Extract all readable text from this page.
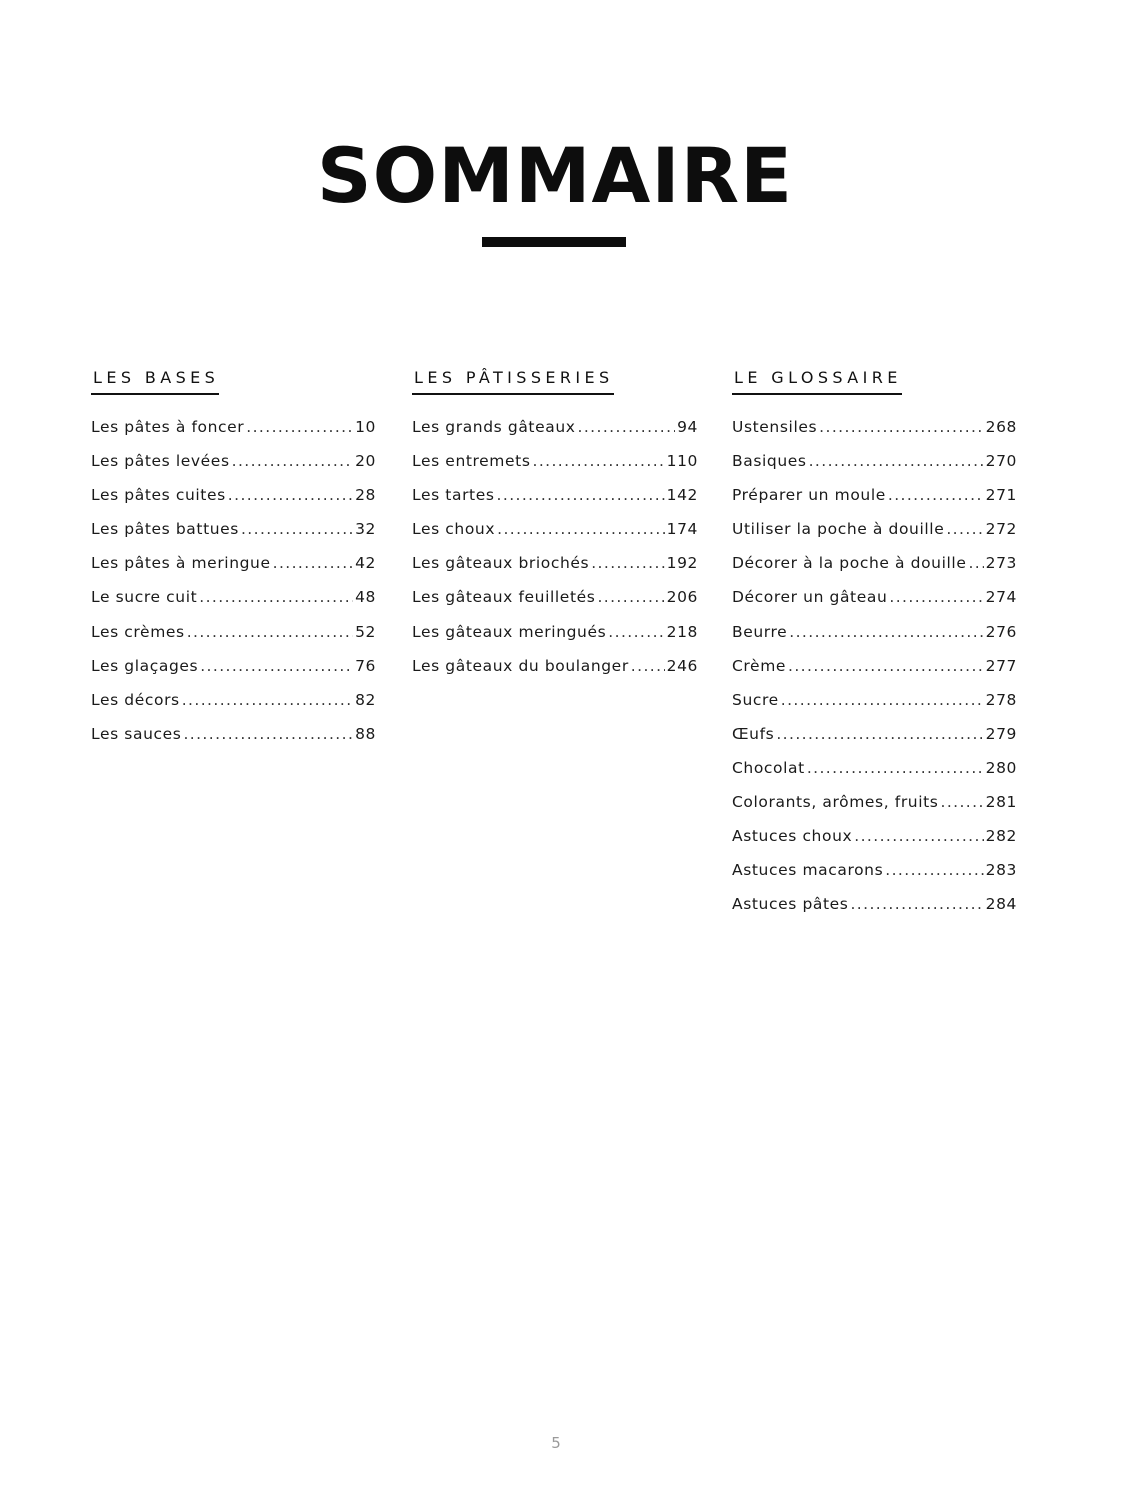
SOMMAIRE
LES BASES
Les pâtes à foncer .....	10
Les pâtes levées .....	20
Les pâtes cuites .....	28
Les pâtes battues .....	32
Les pâtes à meringue .....	42
Le sucre cuit .....	48
Les crèmes .....	52
Les glaçages .....	76
Les décors .....	82
Les sauces .....	88
LES PÂTISSERIES
Les grands gâteaux .....	94
Les entremets .....	110
Les tartes .....	142
Les choux .....	174
Les gâteaux briochés .....	192
Les gâteaux feuilletés .....	206
Les gâteaux meringués .....	218
Les gâteaux du boulanger ..... 246
LE GLOSSAIRE
Ustensiles .....	268
Basiques .....	270
Préparer un moule .....	271
Utiliser la poche à douille .....	272
Décorer à la poche à douille ..... 273
Décorer un gâteau .....	274
Beurre .....	276
Crème .....	277
Sucre .....	278
Œufs .....	279
Chocolat .....	280
Colorants, arômes, fruits .....	281
Astuces choux .....	282
Astuces macarons .....	283
Astuces pâtes .....	284
5
